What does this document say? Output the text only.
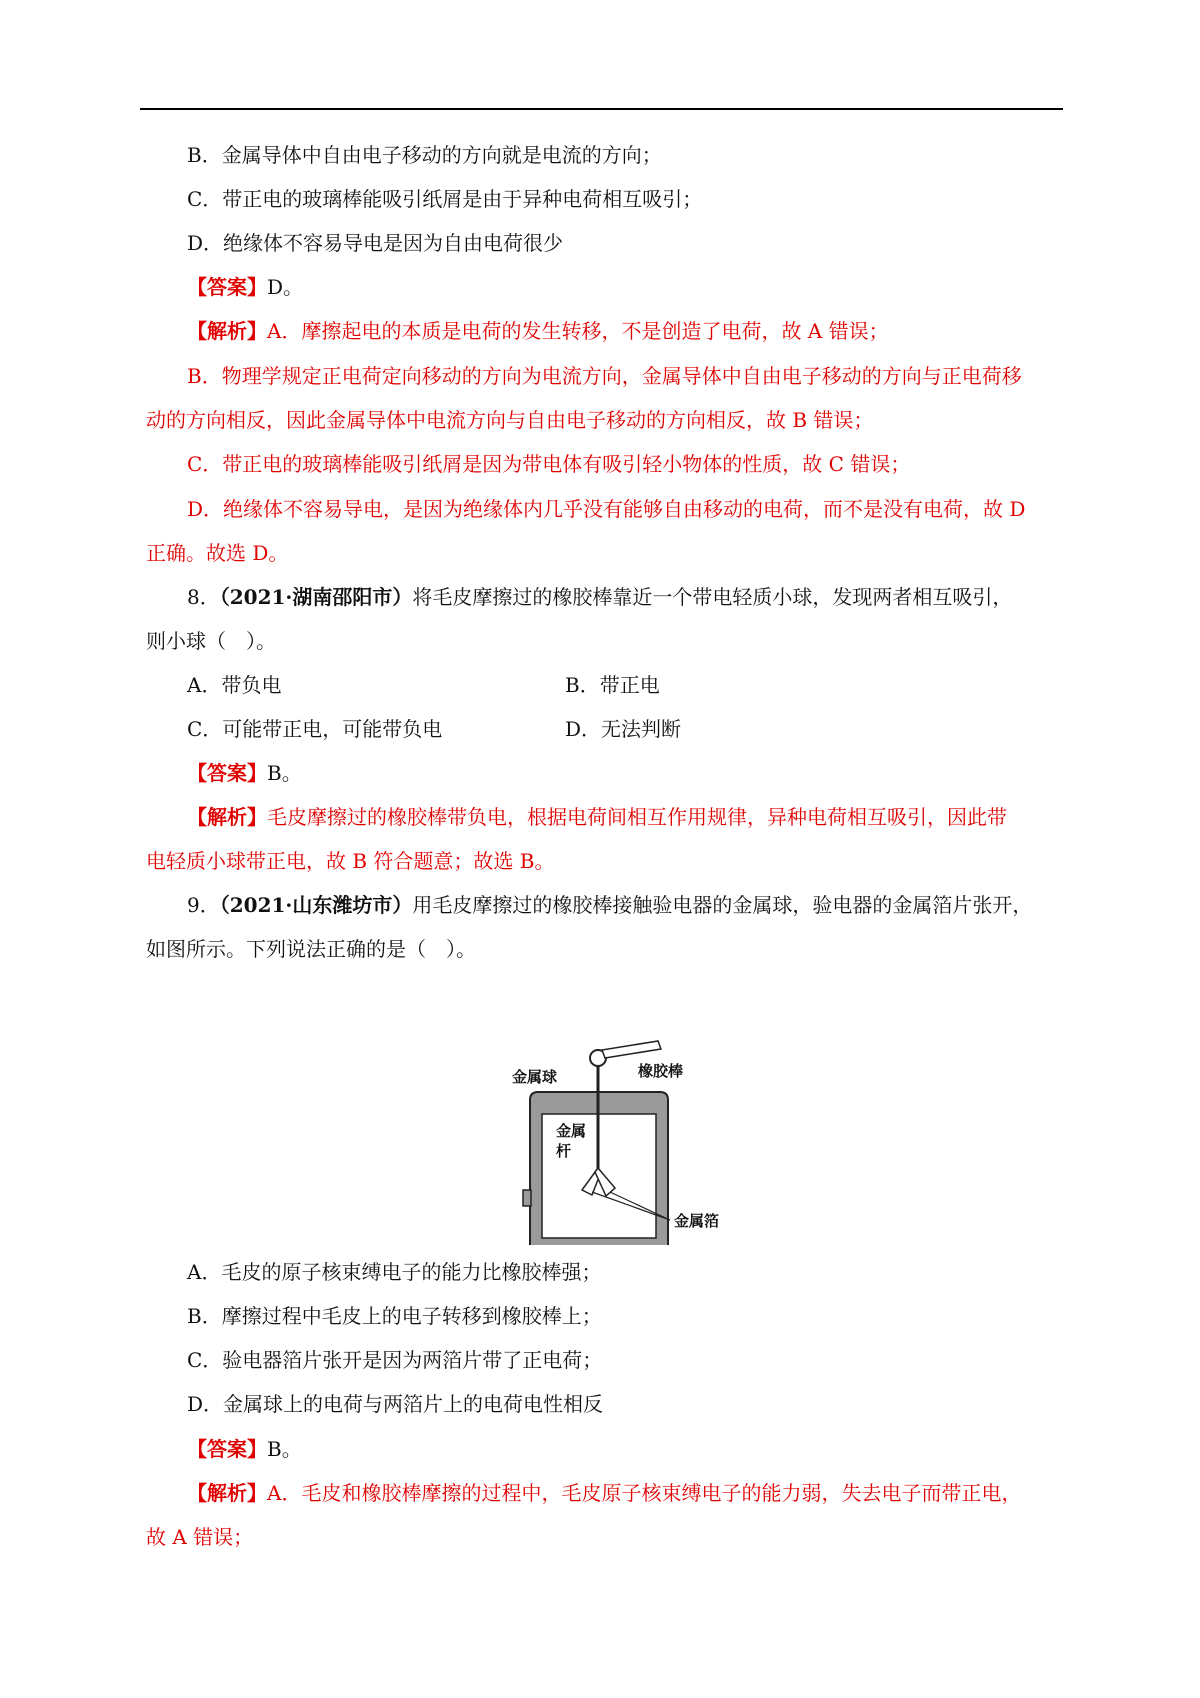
B．金属导体中自由电子移动的方向就是电流的方向；
C．带正电的玻璃棒能吸引纸屑是由于异种电荷相互吸引；
D．绝缘体不容易导电是因为自由电荷很少
【答案】D。
【解析】A．摩擦起电的本质是电荷的发生转移，不是创造了电荷，故 A 错误；
B．物理学规定正电荷定向移动的方向为电流方向，金属导体中自由电子移动的方向与正电荷移
动的方向相反，因此金属导体中电流方向与自由电子移动的方向相反，故 B 错误；
C．带正电的玻璃棒能吸引纸屑是因为带电体有吸引轻小物体的性质，故 C 错误；
D．绝缘体不容易导电，是因为绝缘体内几乎没有能够自由移动的电荷，而不是没有电荷，故 D
正确。故选 D。
8．（2021·湖南邵阳市）将毛皮摩擦过的橡胶棒靠近一个带电轻质小球，发现两者相互吸引，
则小球（　）。
A．带负电	B．带正电
C．可能带正电，可能带负电	D．无法判断
【答案】B。
【解析】毛皮摩擦过的橡胶棒带负电，根据电荷间相互作用规律，异种电荷相互吸引，因此带
电轻质小球带正电，故 B 符合题意；故选 B。
9．（2021·山东潍坊市）用毛皮摩擦过的橡胶棒接触验电器的金属球，验电器的金属箔片张开，
如图所示。下列说法正确的是（　）。
金属球	橡胶棒
金属
杆
金属箔
A．毛皮的原子核束缚电子的能力比橡胶棒强；
B．摩擦过程中毛皮上的电子转移到橡胶棒上；
C．验电器箔片张开是因为两箔片带了正电荷；
D．金属球上的电荷与两箔片上的电荷电性相反
【答案】B。
【解析】A．毛皮和橡胶棒摩擦的过程中，毛皮原子核束缚电子的能力弱，失去电子而带正电，
故 A 错误；
